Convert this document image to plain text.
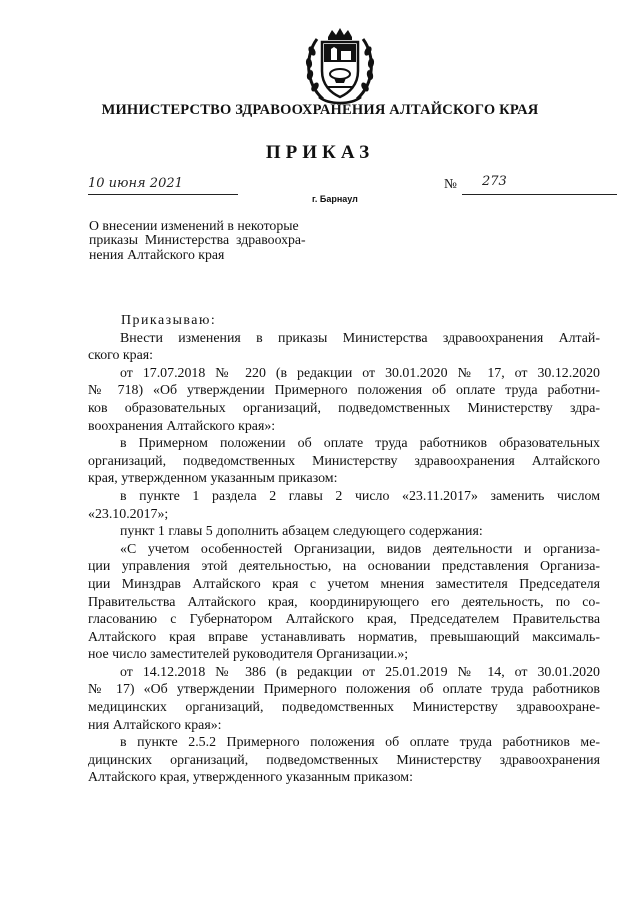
МИНИСТЕРСТВО ЗДРАВООХРАНЕНИЯ АЛТАЙСКОГО КРАЯ
ПРИКАЗ
10 июня 2021
г. Барнаул
№ 273
О внесении изменений в некоторые
приказы  Министерства  здравоохра-
нения Алтайского края
Приказываю:
Внести изменения в приказы Министерства здравоохранения Алтай-
ского края:
от 17.07.2018 № 220 (в редакции от 30.01.2020 № 17, от 30.12.2020
№ 718) «Об утверждении Примерного положения об оплате труда работни-
ков образовательных организаций, подведомственных Министерству здра-
воохранения Алтайского края»:
в Примерном положении об оплате труда работников образовательных
организаций, подведомственных Министерству здравоохранения Алтайского
края, утвержденном указанным приказом:
в пункте 1 раздела 2 главы 2 число «23.11.2017» заменить числом
«23.10.2017»;
пункт 1 главы 5 дополнить абзацем следующего содержания:
«С учетом особенностей Организации, видов деятельности и организа-
ции управления этой деятельностью, на основании представления Организа-
ции Минздрав Алтайского края с учетом мнения заместителя Председателя
Правительства Алтайского края, координирующего его деятельность, по со-
гласованию с Губернатором Алтайского края, Председателем Правительства
Алтайского края вправе устанавливать норматив, превышающий максималь-
ное число заместителей руководителя Организации.»;
от 14.12.2018 № 386 (в редакции от 25.01.2019 № 14, от 30.01.2020
№ 17) «Об утверждении Примерного положения об оплате труда работников
медицинских организаций, подведомственных Министерству здравоохране-
ния Алтайского края»:
в пункте 2.5.2 Примерного положения об оплате труда работников ме-
дицинских организаций, подведомственных Министерству здравоохранения
Алтайского края, утвержденного указанным приказом:
